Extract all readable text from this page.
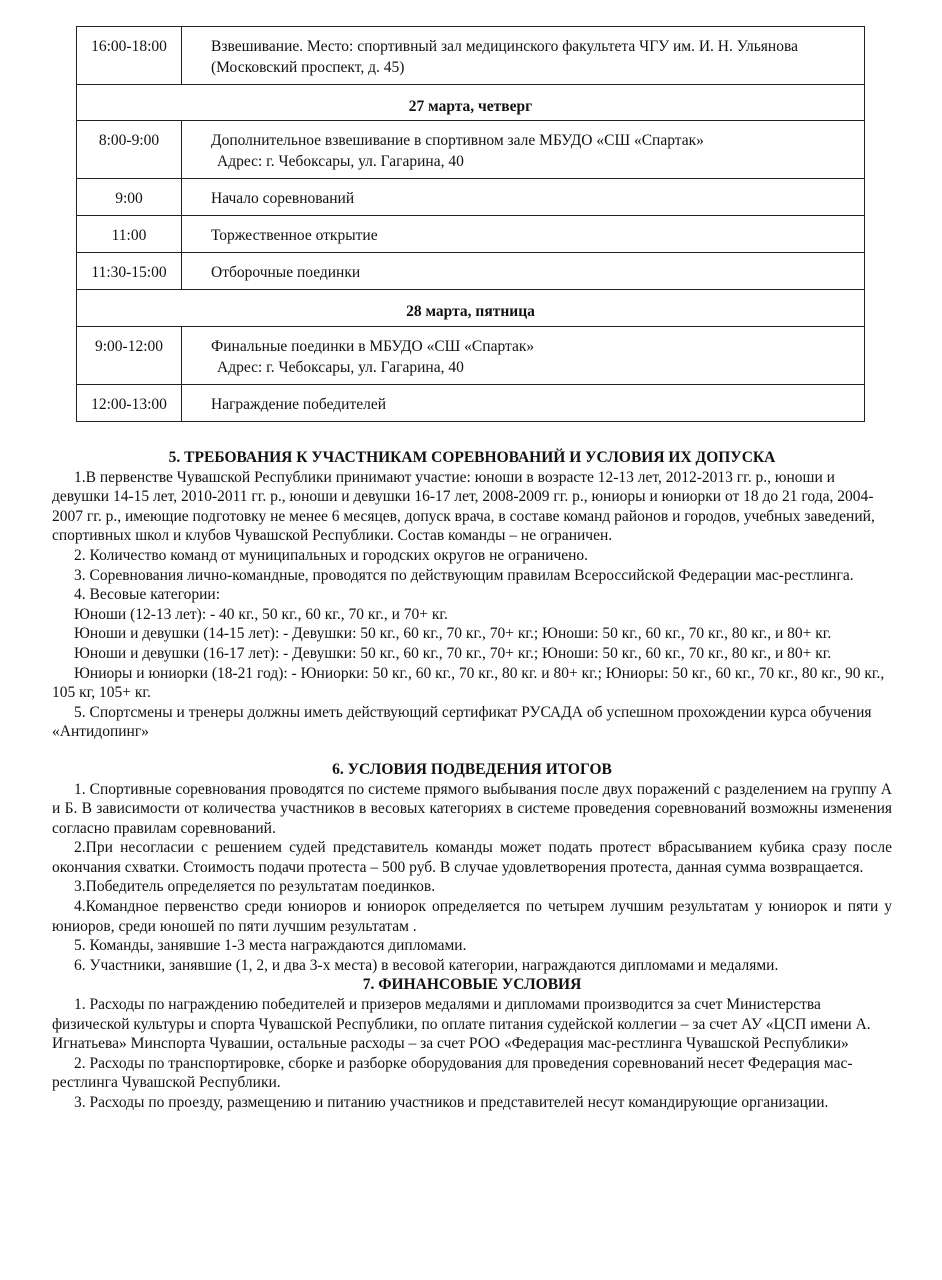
16:00-18:00	Взвешивание. Место: спортивный зал медицинского факультета ЧГУ им. И. Н. Ульянова (Московский проспект, д. 45)
27 марта, четверг	
8:00-9:00	Дополнительное взвешивание в спортивном зале МБУДО «СШ «Спартак»
Адрес: г. Чебоксары, ул. Гагарина, 40

9:00	Начало соревнований
11:00	Торжественное открытие
11:30-15:00	Отборочные поединки
28 марта, пятница	
9:00-12:00	Финальные поединки в МБУДО «СШ «Спартак»
Адрес: г. Чебоксары, ул. Гагарина, 40

12:00-13:00	Награждение победителей

5. ТРЕБОВАНИЯ К УЧАСТНИКАМ СОРЕВНОВАНИЙ И УСЛОВИЯ ИХ ДОПУСКА

1.В первенстве Чувашской Республики принимают участие: юноши в возрасте 12-13 лет, 2012-2013 гг. р., юноши и девушки 14-15 лет, 2010-2011 гг. р., юноши и девушки 16-17 лет, 2008-2009 гг. р., юниоры и юниорки от 18 до 21 года, 2004-2007 гг. р., имеющие подготовку не менее 6 месяцев, допуск врача, в составе команд районов и городов, учебных заведений, спортивных школ и клубов Чувашской Республики. Состав команды – не ограничен.

2. Количество команд от муниципальных и городских округов не ограничено.

3. Соревнования лично-командные, проводятся по действующим правилам Всероссийской Федерации мас-рестлинга.

4. Весовые категории:

Юноши (12-13 лет): - 40 кг., 50 кг., 60 кг., 70 кг., и 70+ кг.

Юноши и девушки (14-15 лет): - Девушки: 50 кг., 60 кг., 70 кг., 70+ кг.; Юноши: 50 кг., 60 кг., 70 кг., 80 кг., и 80+ кг.

Юноши и девушки (16-17 лет): - Девушки: 50 кг., 60 кг., 70 кг., 70+ кг.; Юноши: 50 кг., 60 кг., 70 кг., 80 кг., и 80+ кг.

Юниоры и юниорки (18-21 год): - Юниорки: 50 кг., 60 кг., 70 кг., 80 кг. и 80+ кг.; Юниоры: 50 кг., 60 кг., 70 кг., 80 кг., 90 кг., 105 кг, 105+ кг.

5. Спортсмены и тренеры должны иметь действующий сертификат РУСАДА об успешном прохождении курса обучения «Антидопинг»

6. УСЛОВИЯ ПОДВЕДЕНИЯ ИТОГОВ

1. Спортивные соревнования проводятся по системе прямого выбывания после двух поражений с разделением на группу А и Б. В зависимости от количества участников в весовых категориях в системе проведения соревнований возможны изменения согласно правилам соревнований.

2.При несогласии с решением судей представитель команды может подать протест вбрасыванием кубика сразу после окончания схватки. Стоимость подачи протеста – 500 руб. В случае удовлетворения протеста, данная сумма возвращается.

3.Победитель определяется по результатам поединков.

4.Командное первенство среди юниоров и юниорок определяется по четырем лучшим результатам у юниорок и пяти у юниоров, среди юношей по пяти лучшим результатам .

5. Команды, занявшие 1-3 места награждаются дипломами.

6. Участники, занявшие (1, 2, и два 3-х места) в весовой категории, награждаются дипломами и медалями.

7. ФИНАНСОВЫЕ УСЛОВИЯ

1. Расходы по награждению победителей и призеров медалями и дипломами производится за счет Министерства физической культуры и спорта Чувашской Республики, по оплате питания судейской коллегии – за счет АУ «ЦСП имени А. Игнатьева» Минспорта Чувашии, остальные расходы – за счет РОО «Федерация мас-рестлинга Чувашской Республики»

2. Расходы по транспортировке, сборке и разборке оборудования для проведения соревнований несет Федерация мас-рестлинга Чувашской Республики.

3. Расходы по проезду, размещению и питанию участников и представителей несут командирующие организации.
